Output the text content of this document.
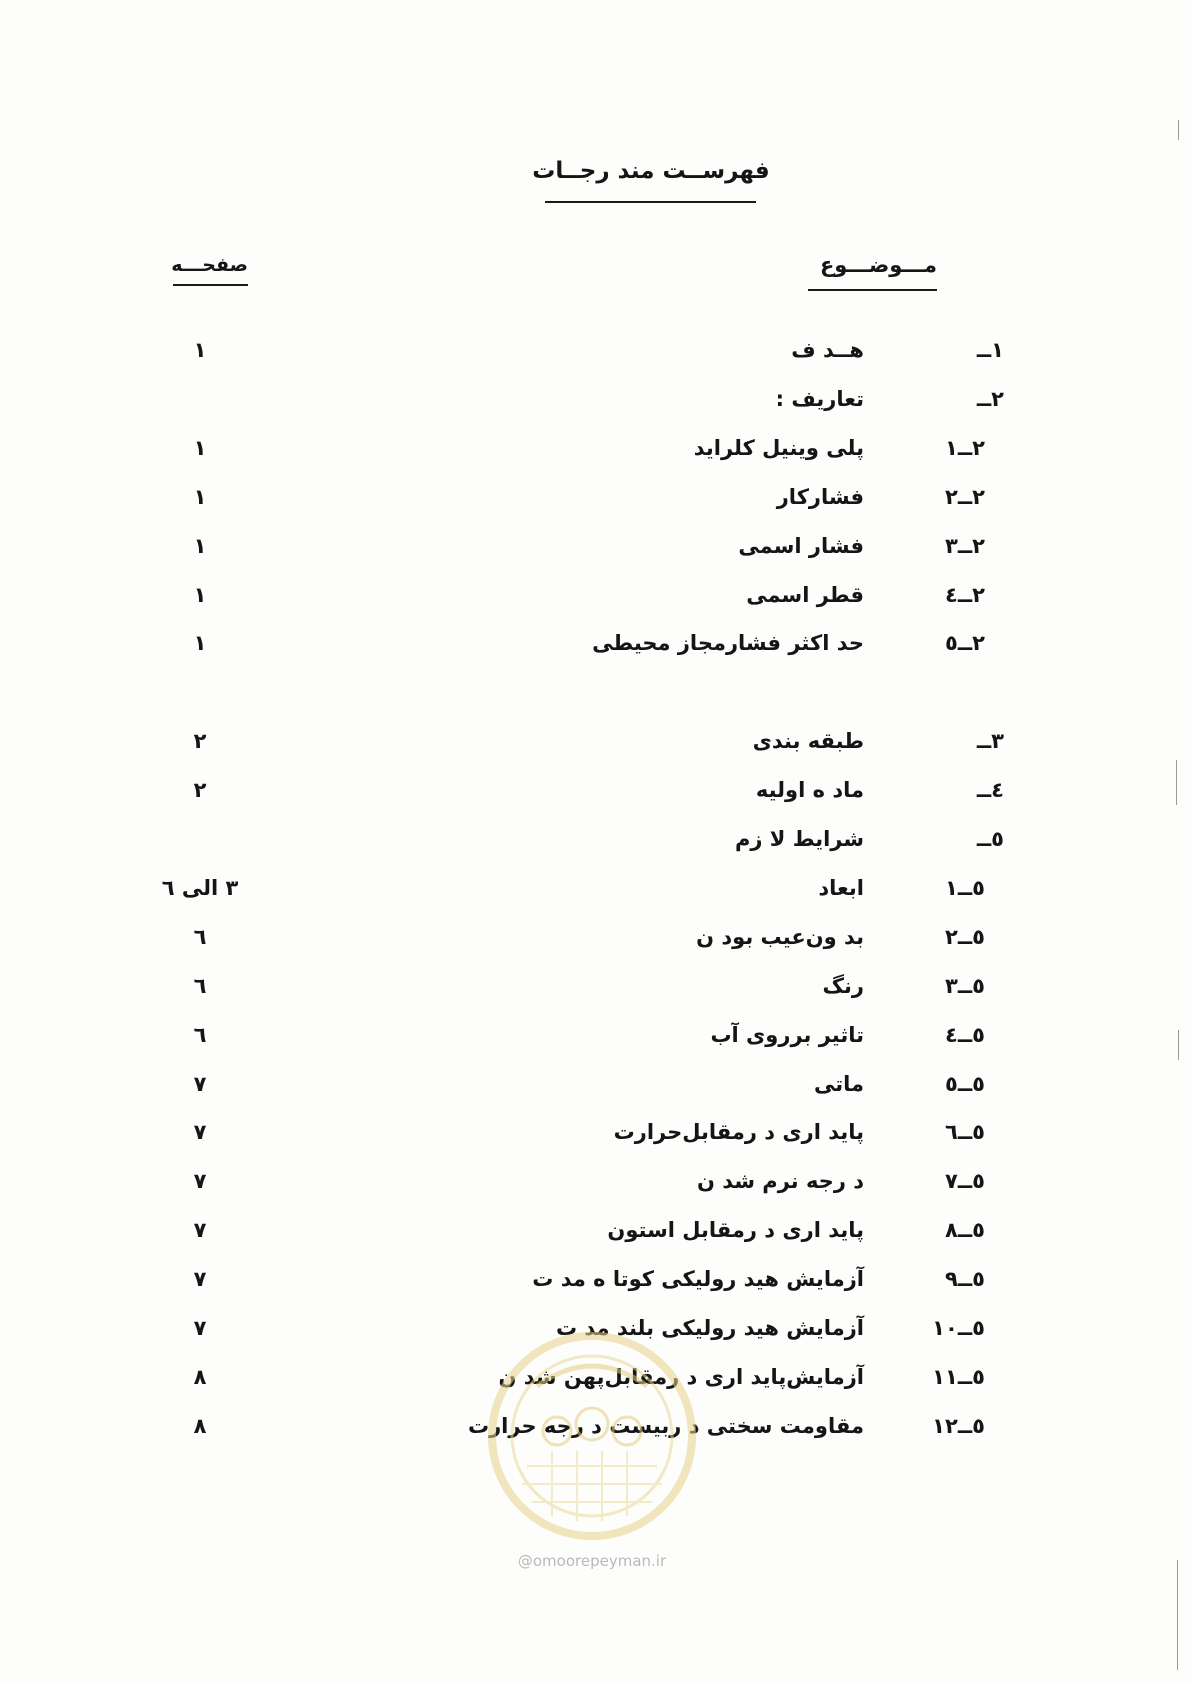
فهرســت مند رجــات
مـــوضـــوع
صفحـــه
١ــ
هــد ف
١
٢ــ
تعاریف :
٢ــ١
پلی وینیل کلراید
١
٢ــ٢
فشارکار
١
٢ــ٣
فشار اسمی
١
٢ــ٤
قطر اسمی
١
٢ــ٥
حد اکثر فشارمجاز محیطی
١
٣ــ
طبقه بندی
٢
٤ــ
ماد ه اولیه
٢
٥ــ
شرایط لا زم
٥ــ١
ابعاد
٣ الی ٦
٥ــ٢
بد ون‌عیب بود ن
٦
٥ــ٣
رنگ
٦
٥ــ٤
تاثیر برروی آب
٦
٥ــ٥
ماتی
٧
٥ــ٦
پاید اری د رمقابل‌حرارت
٧
٥ــ٧
د رجه نرم شد ن
٧
٥ــ٨
پاید اری د رمقابل استون
٧
٥ــ٩
آزمایش هید رولیکی کوتا ه مد ت
٧
٥ــ١٠
آزمایش هید رولیکی بلند مد ت
٧
٥ــ١١
آزمایش‌پاید اری د رمقابل‌پهن شد ن
٨
٥ــ١٢
مقاومت سختی د ربیست د رجه حرارت
٨
@omoorepeyman.ir
